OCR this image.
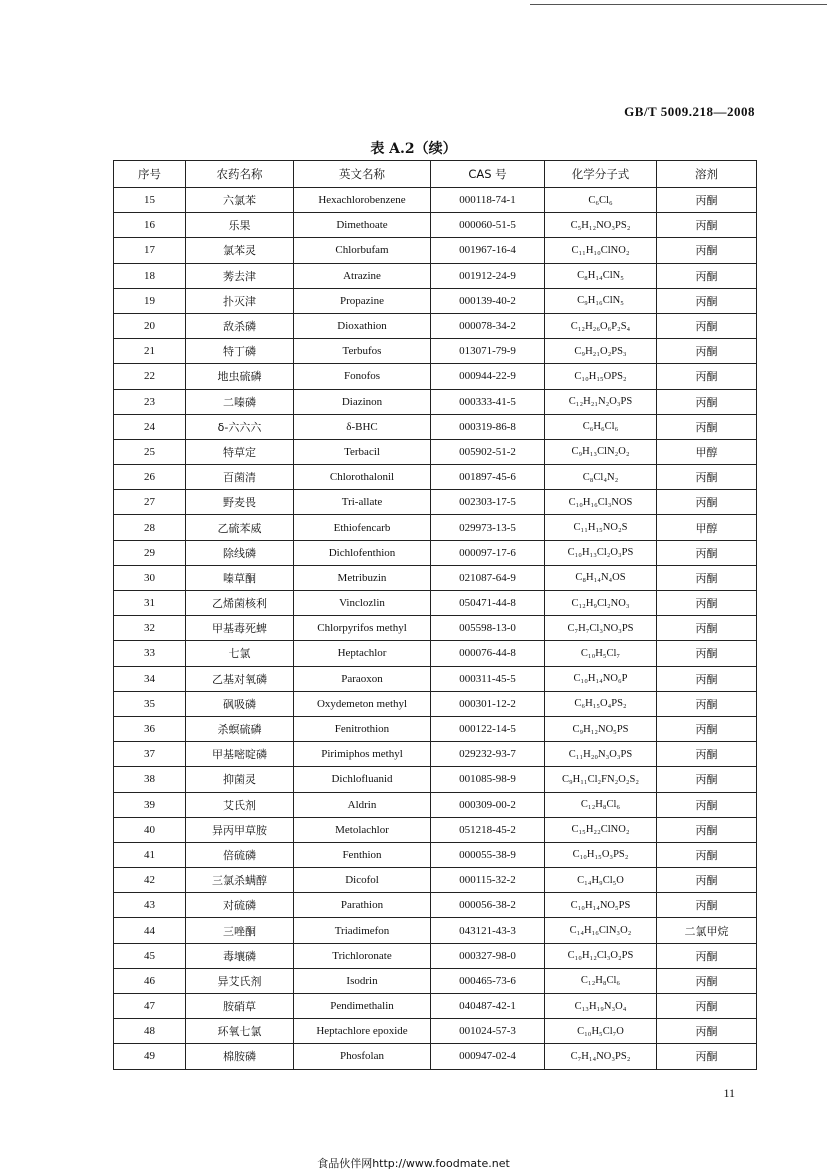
GB/T 5009.218—2008
表 A.2（续）
序号	农药名称	英文名称	CAS 号	化学分子式	溶剂
15	六氯苯	Hexachlorobenzene	000118-74-1	C₆Cl₆	丙酮
16	乐果	Dimethoate	000060-51-5	C₅H₁₂NO₃PS₂	丙酮
17	氯苯灵	Chlorbufam	001967-16-4	C₁₁H₁₀ClNO₂	丙酮
18	莠去津	Atrazine	001912-24-9	C₈H₁₄ClN₅	丙酮
19	扑灭津	Propazine	000139-40-2	C₉H₁₆ClN₅	丙酮
20	敌杀磷	Dioxathion	000078-34-2	C₁₂H₂₆O₆P₂S₄	丙酮
21	特丁磷	Terbufos	013071-79-9	C₉H₂₁O₂PS₃	丙酮
22	地虫硫磷	Fonofos	000944-22-9	C₁₀H₁₅OPS₂	丙酮
23	二嗪磷	Diazinon	000333-41-5	C₁₂H₂₁N₂O₃PS	丙酮
24	δ-六六六	δ-BHC	000319-86-8	C₆H₆Cl₆	丙酮
25	特草定	Terbacil	005902-51-2	C₉H₁₃ClN₂O₂	甲醇
26	百菌清	Chlorothalonil	001897-45-6	C₈Cl₄N₂	丙酮
27	野麦畏	Tri-allate	002303-17-5	C₁₀H₁₆Cl₃NOS	丙酮
28	乙硫苯威	Ethiofencarb	029973-13-5	C₁₁H₁₅NO₂S	甲醇
29	除线磷	Dichlofenthion	000097-17-6	C₁₀H₁₃Cl₂O₃PS	丙酮
30	嗪草酮	Metribuzin	021087-64-9	C₈H₁₄N₄OS	丙酮
31	乙烯菌核利	Vinclozlin	050471-44-8	C₁₂H₉Cl₂NO₃	丙酮
32	甲基毒死蜱	Chlorpyrifos methyl	005598-13-0	C₇H₇Cl₃NO₃PS	丙酮
33	七氯	Heptachlor	000076-44-8	C₁₀H₅Cl₇	丙酮
34	乙基对氧磷	Paraoxon	000311-45-5	C₁₀H₁₄NO₆P	丙酮
35	砜吸磷	Oxydemeton methyl	000301-12-2	C₆H₁₅O₄PS₂	丙酮
36	杀螟硫磷	Fenitrothion	000122-14-5	C₉H₁₂NO₅PS	丙酮
37	甲基嘧啶磷	Pirimiphos methyl	029232-93-7	C₁₁H₂₀N₃O₃PS	丙酮
38	抑菌灵	Dichlofluanid	001085-98-9	C₉H₁₁Cl₂FN₂O₂S₂	丙酮
39	艾氏剂	Aldrin	000309-00-2	C₁₂H₈Cl₆	丙酮
40	异丙甲草胺	Metolachlor	051218-45-2	C₁₅H₂₂ClNO₂	丙酮
41	倍硫磷	Fenthion	000055-38-9	C₁₀H₁₅O₃PS₂	丙酮
42	三氯杀螨醇	Dicofol	000115-32-2	C₁₄H₉Cl₅O	丙酮
43	对硫磷	Parathion	000056-38-2	C₁₀H₁₄NO₅PS	丙酮
44	三唑酮	Triadimefon	043121-43-3	C₁₄H₁₆ClN₃O₂	二氯甲烷
45	毒壤磷	Trichloronate	000327-98-0	C₁₀H₁₂Cl₃O₂PS	丙酮
46	异艾氏剂	Isodrin	000465-73-6	C₁₂H₈Cl₆	丙酮
47	胺硝草	Pendimethalin	040487-42-1	C₁₃H₁₉N₃O₄	丙酮
48	环氧七氯	Heptachlore epoxide	001024-57-3	C₁₀H₅Cl₇O	丙酮
49	棉胺磷	Phosfolan	000947-02-4	C₇H₁₄NO₃PS₂	丙酮
11
食品伙伴网http://www.foodmate.net
